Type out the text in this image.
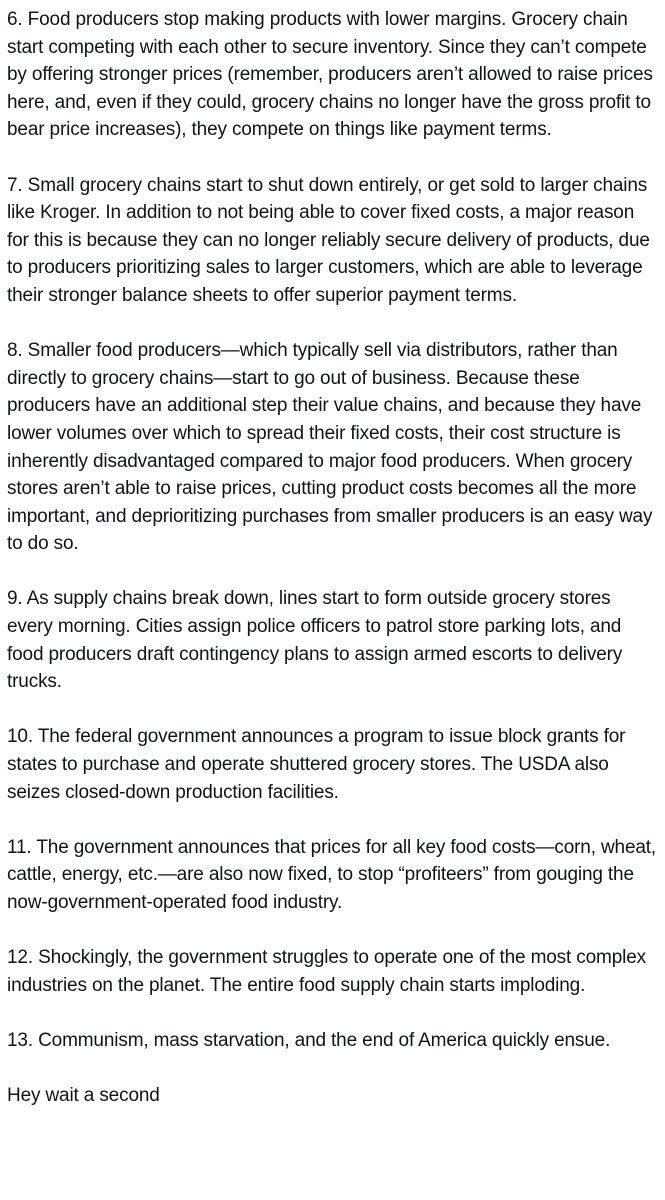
6. Food producers stop making products with lower margins. Grocery chain start competing with each other to secure inventory. Since they can’t compete by offering stronger prices (remember, producers aren’t allowed to raise prices here, and, even if they could, grocery chains no longer have the gross profit to bear price increases), they compete on things like payment terms.

7. Small grocery chains start to shut down entirely, or get sold to larger chains like Kroger. In addition to not being able to cover fixed costs, a major reason for this is because they can no longer reliably secure delivery of products, due to producers prioritizing sales to larger customers, which are able to leverage their stronger balance sheets to offer superior payment terms.

8. Smaller food producers—which typically sell via distributors, rather than directly to grocery chains—start to go out of business. Because these producers have an additional step their value chains, and because they have lower volumes over which to spread their fixed costs, their cost structure is inherently disadvantaged compared to major food producers. When grocery stores aren’t able to raise prices, cutting product costs becomes all the more important, and deprioritizing purchases from smaller producers is an easy way to do so.

9. As supply chains break down, lines start to form outside grocery stores every morning. Cities assign police officers to patrol store parking lots, and food producers draft contingency plans to assign armed escorts to delivery trucks.

10. The federal government announces a program to issue block grants for states to purchase and operate shuttered grocery stores. The USDA also seizes closed-down production facilities.

11. The government announces that prices for all key food costs—corn, wheat, cattle, energy, etc.—are also now fixed, to stop “profiteers” from gouging the now-government-operated food industry.

12. Shockingly, the government struggles to operate one of the most complex industries on the planet. The entire food supply chain starts imploding.

13. Communism, mass starvation, and the end of America quickly ensue.

Hey wait a second
